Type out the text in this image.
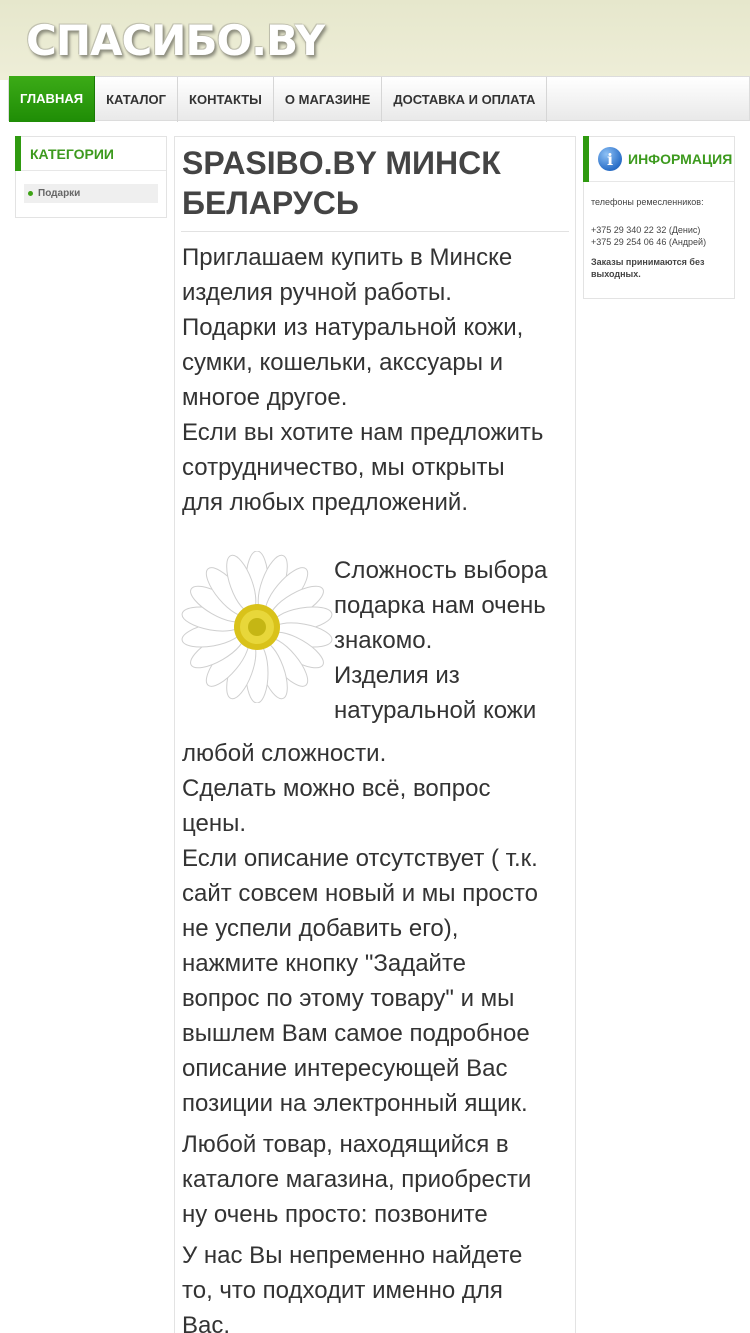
СПАСИБО.BY
ГЛАВНАЯ	КАТАЛОГ	КОНТАКТЫ	О МАГАЗИНЕ	ДОСТАВКА И ОПЛАТА
КАТЕГОРИИ
Подарки
SPASIBO.BY МИНСК БЕЛАРУСЬ
Приглашаем купить в Минске
изделия ручной работы.
Подарки из натуральной кожи,
сумки, кошельки, акссуары и
многое другое.
Если вы хотите нам предложить
сотрудничество, мы открыты
для любых предложений.
Сложность выбора
подарка нам очень
знакомо.
Изделия из
натуральной кожи
любой сложности.
Сделать можно всё, вопрос
цены.
Если описание отсутствует ( т.к.
сайт совсем новый и мы просто
не успели добавить его),
нажмите кнопку "Задайте
вопрос по этому товару" и мы
вышлем Вам самое подробное
описание интересующей Вас
позиции на электронный ящик.
Любой товар, находящийся в
каталоге магазина, приобрести
ну очень просто: позвоните
У нас Вы непременно найдете
то, что подходит именно для
Вас.
i	ИНФОРМАЦИЯ
телефоны ремесленников:
+375 29 340 22 32 (Денис)
+375 29 254 06 46 (Андрей)
Заказы принимаются без
выходных.
